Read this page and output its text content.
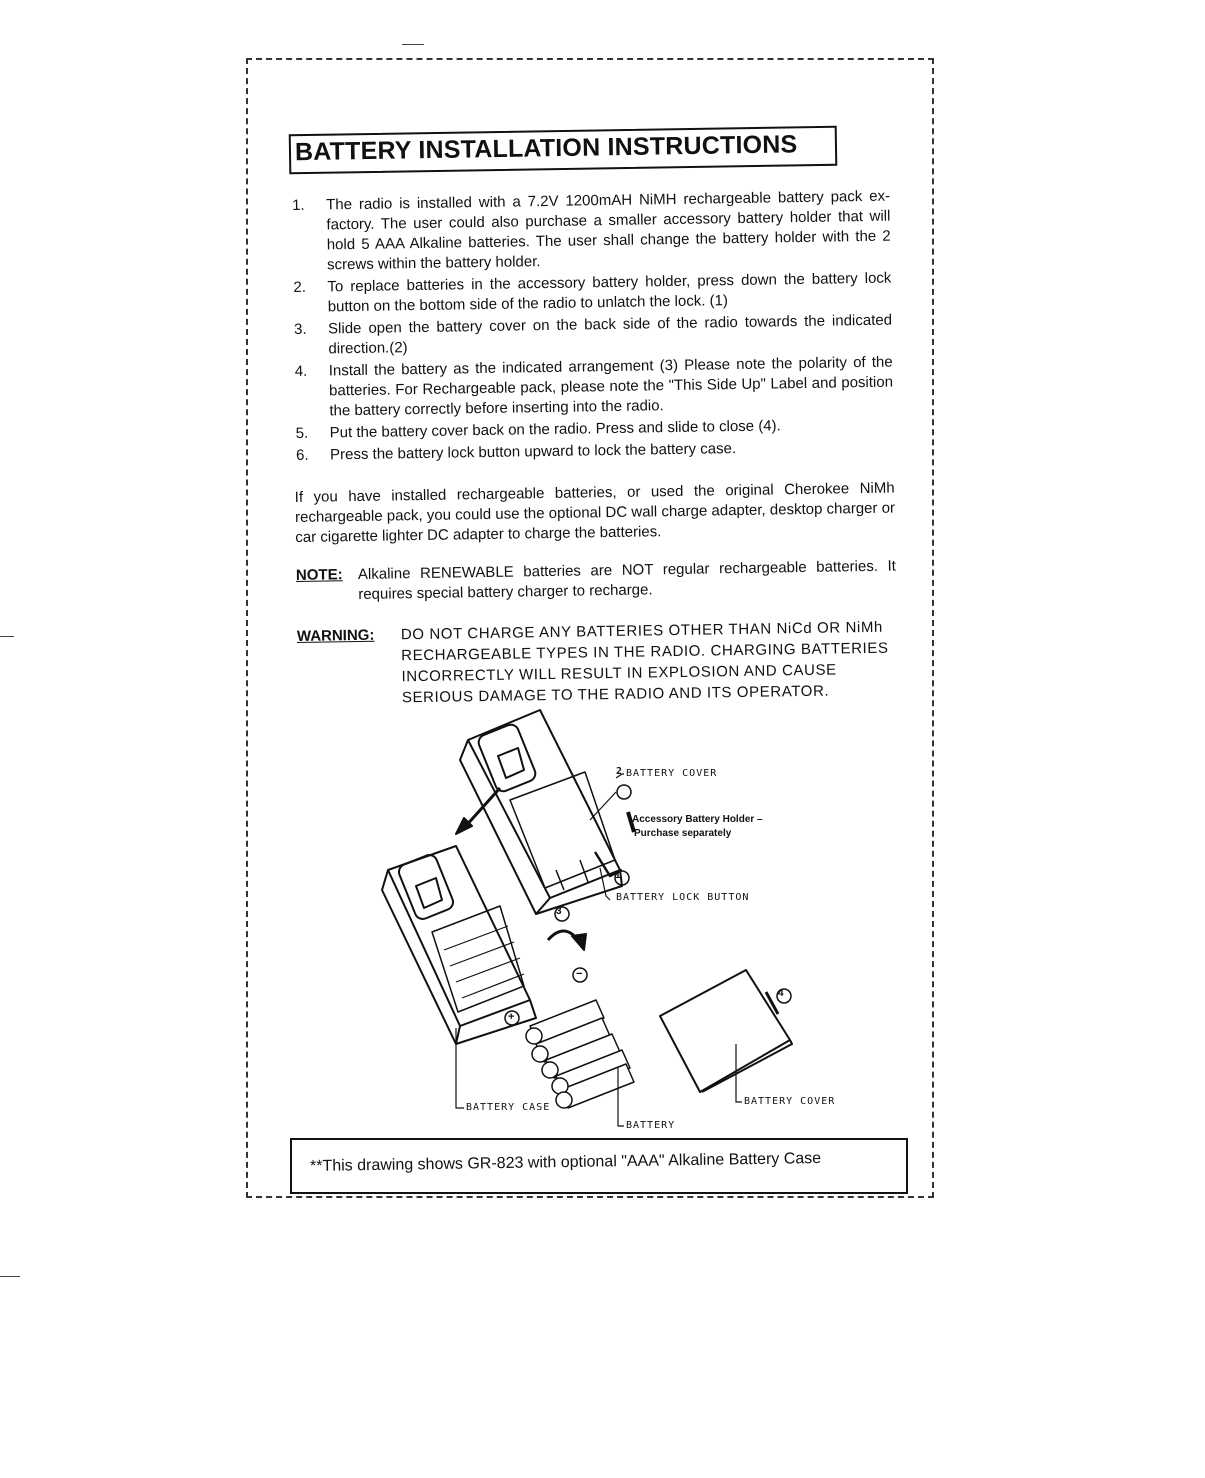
BATTERY INSTALLATION INSTRUCTIONS
1. The radio is installed with a 7.2V 1200mAH NiMH rechargeable battery pack ex-factory. The user could also purchase a smaller accessory battery holder that will hold 5 AAA Alkaline batteries. The user shall change the battery holder with the 2 screws within the battery holder.
2. To replace batteries in the accessory battery holder, press down the battery lock button on the bottom side of the radio to unlatch the lock. (1)
3. Slide open the battery cover on the back side of the radio towards the indicated direction.(2)
4. Install the battery as the indicated arrangement (3) Please note the polarity of the batteries. For Rechargeable pack, please note the "This Side Up" Label and position the battery correctly before inserting into the radio.
5. Put the battery cover back on the radio. Press and slide to close (4).
6. Press the battery lock button upward to lock the battery case.
If you have installed rechargeable batteries, or used the original Cherokee NiMh rechargeable pack, you could use the optional DC wall charge adapter, desktop charger or car cigarette lighter DC adapter to charge the batteries.
NOTE: Alkaline RENEWABLE batteries are NOT regular rechargeable batteries. It requires special battery charger to recharge.
WARNING: DO NOT CHARGE ANY BATTERIES OTHER THAN NiCd OR NiMh RECHARGEABLE TYPES IN THE RADIO. CHARGING BATTERIES INCORRECTLY WILL RESULT IN EXPLOSION AND CAUSE SERIOUS DAMAGE TO THE RADIO AND ITS OPERATOR.
2
1
3
4
−
+
BATTERY COVER
Accessory Battery Holder –
Purchase separately
BATTERY LOCK BUTTON
BATTERY CASE
BATTERY
BATTERY COVER
**This drawing shows GR-823 with optional "AAA" Alkaline Battery Case
